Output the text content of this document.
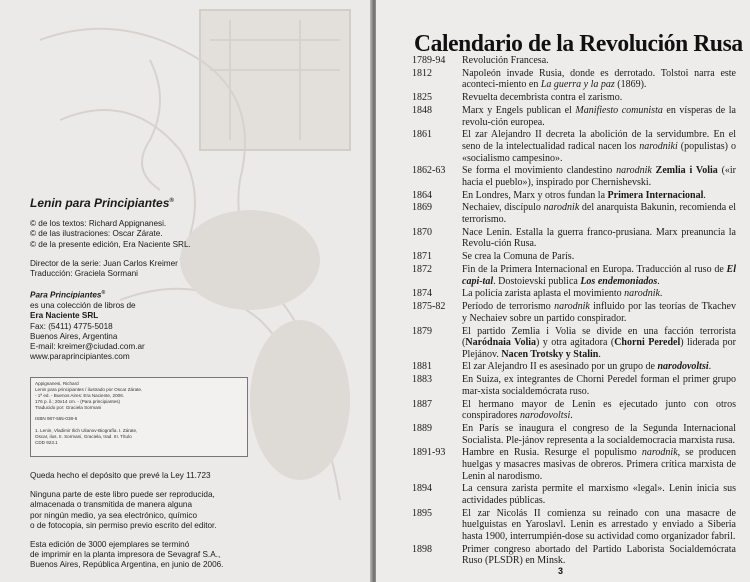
Lenin para Principiantes®

© de los textos: Richard Appignanesi.

© de las ilustraciones: Oscar Zárate.

© de la presente edición, Era Naciente SRL.

Director de la serie: Juan Carlos Kreimer

Traducción: Graciela Sormani

Para Principiantes®

es una colección de libros de

Era Naciente SRL

Fax: (5411) 4775-5018

Buenos Aires, Argentina

E-mail: kreimer@ciudad.com.ar

www.paraprincipiantes.com

Appignanesi, Richard

Lenin para principiantes / ilustrado por Oscar Zárate.

- 1ª ed. - Buenos Aires: Era Naciente, 2006.

176 p. il.; 20x14 cm. - (Para principiantes)

Traducido por: Graciela Sormani

ISBN 987-555-038-6

1. Lenin, Vladimir Ilich Ulianov-Biografía. I. Zárate,

Oscar, ilus. II. Sormani, Graciela, trad. III. Título

CDD 923.1

Queda hecho el depósito que prevé la Ley 11.723

Ninguna parte de este libro puede ser reproducida,

almacenada o transmitida de manera alguna

por ningún medio, ya sea electrónico, químico

o de fotocopia, sin permiso previo escrito del editor.

Esta edición de 3000 ejemplares se terminó

de imprimir en la planta impresora de Sevagraf S.A.,

Buenos Aires, República Argentina, en junio de 2006.

Calendario de la Revolución Rusa
1789-94	Revolución Francesa.
1812	Napoleón invade Rusia, donde es derrotado. Tolstoi narra este aconteci-miento en La guerra y la paz (1869).
1825	Revuelta decembrista contra el zarismo.
1848	Marx y Engels publican el Manifiesto comunista en vísperas de la revolu-ción europea.
1861	El zar Alejandro II decreta la abolición de la servidumbre. En el seno de la intelectualidad radical nacen los narodniki (populistas) o «socialismo campesino».
1862-63	Se forma el movimiento clandestino narodnik Zemlia i Volia («ir hacia el pueblo»), inspirado por Chernishevski.
1864	En Londres, Marx y otros fundan la Primera Internacional.
1869	Nechaiev, discípulo narodnik del anarquista Bakunin, recomienda el terrorismo.
1870	Nace Lenin. Estalla la guerra franco-prusiana. Marx preanuncia la Revolu-ción Rusa.
1871	Se crea la Comuna de París.
1872	Fin de la Primera Internacional en Europa. Traducción al ruso de El capi-tal. Dostoievski publica Los endemoniados.
1874	La policía zarista aplasta el movimiento narodnik.
1875-82	Período de terrorismo narodnik influido por las teorías de Tkachev y Nechaiev sobre un partido conspirador.
1879	El partido Zemlia i Volia se divide en una facción terrorista (Naródnaia Volia) y otra agitadora (Chorni Peredel) liderada por Plejánov. Nacen Trotsky y Stalin.
1881	El zar Alejandro II es asesinado por un grupo de narodovoltsi.
1883	En Suiza, ex integrantes de Chorni Peredel forman el primer grupo mar-xista socialdemócrata ruso.
1887	El hermano mayor de Lenin es ejecutado junto con otros conspiradores narodovoltsi.
1889	En París se inaugura el congreso de la Segunda Internacional Socialista. Ple-jánov representa a la socialdemocracia marxista rusa.
1891-93	Hambre en Rusia. Resurge el populismo narodnik, se producen huelgas y masacres masivas de obreros. Primera crítica marxista de Lenin al narodismo.
1894	La censura zarista permite el marxismo «legal». Lenin inicia sus actividades públicas.
1895	El zar Nicolás II comienza su reinado con una masacre de huelguistas en Yaroslavl. Lenin es arrestado y enviado a Siberia hasta 1900, interrumpién-dose su actividad como organizador fabril.
1898	Primer congreso abortado del Partido Laborista Socialdemócrata Ruso (PLSDR) en Minsk.
3
